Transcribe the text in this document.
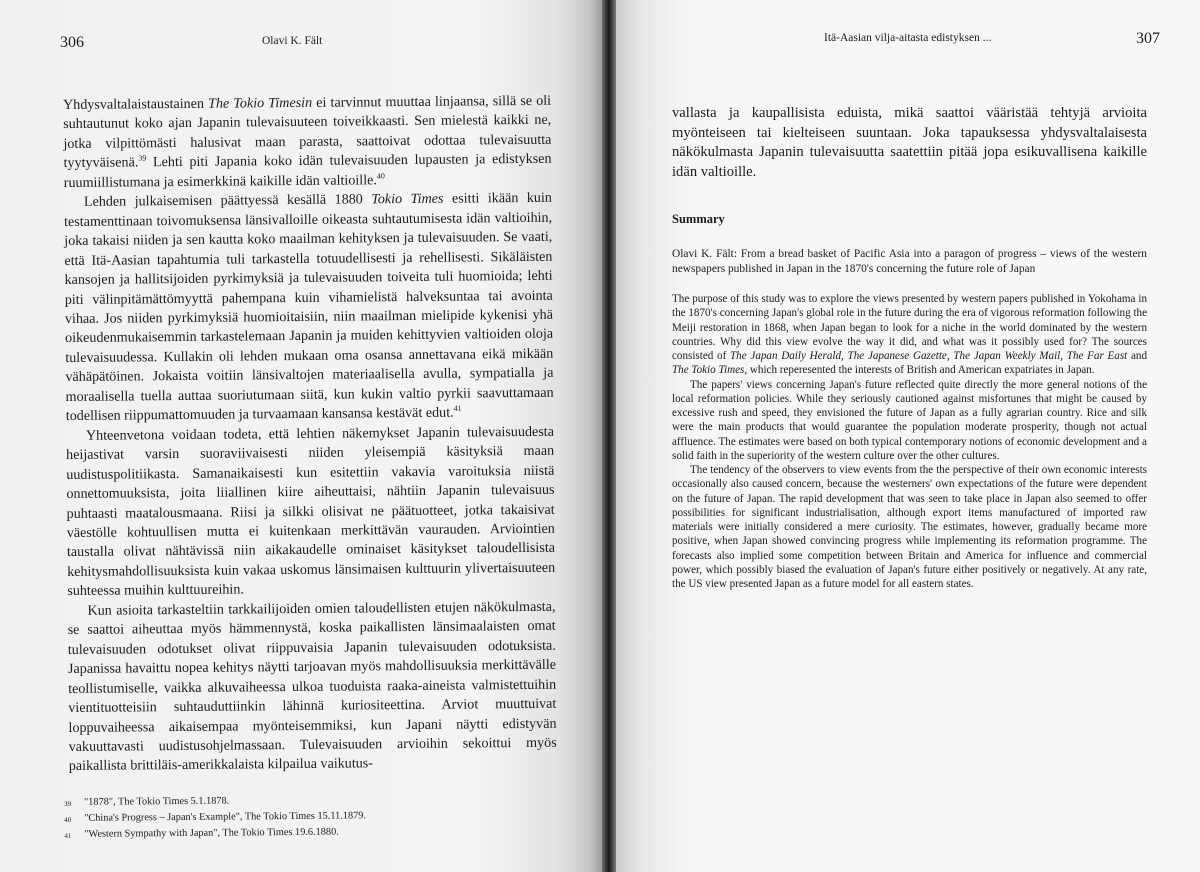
306	Olavi K. Fält

Yhdysvaltalaistaustainen The Tokio Timesin ei tarvinnut muuttaa linjaansa, sillä se oli suhtautunut koko ajan Japanin tulevaisuuteen toiveikkaasti. Sen mielestä kaikki ne, jotka vilpittömästi halusivat maan parasta, saattoivat odottaa tulevaisuutta tyytyväisenä.$^{39}$ Lehti piti Japania koko idän tulevaisuuden lupausten ja edistyksen ruumiillistumana ja esimerkkinä kaikille idän valtioille.$^{40}$

Lehden julkaisemisen päättyessä kesällä 1880 Tokio Times esitti ikään kuin testamenttinaan toivomuksensa länsivalloille oikeasta suhtautumisesta idän valtioihin, joka takaisi niiden ja sen kautta koko maailman kehityksen ja tulevaisuuden. Se vaati, että Itä-Aasian tapahtumia tuli tarkastella totuudellisesti ja rehellisesti. Sikäläisten kansojen ja hallitsijoiden pyrkimyksiä ja tulevaisuuden toiveita tuli huomioida; lehti piti välinpitämättömyyttä pahempana kuin vihamielistä halveksuntaa tai avointa vihaa. Jos niiden pyrkimyksiä huomioitaisiin, niin maailman mielipide kykenisi yhä oikeudenmukaisemmin tarkastelemaan Japanin ja muiden kehittyvien valtioiden oloja tulevaisuudessa. Kullakin oli lehden mukaan oma osansa annettavana eikä mikään vähäpätöinen. Jokaista voitiin länsivaltojen materiaalisella avulla, sympatialla ja moraalisella tuella auttaa suoriutumaan siitä, kun kukin valtio pyrkii saavuttamaan todellisen riippumattomuuden ja turvaamaan kansansa kestävät edut.$^{41}$

Yhteenvetona voidaan todeta, että lehtien näkemykset Japanin tulevaisuudesta heijastivat varsin suoraviivaisesti niiden yleisempiä käsityksiä maan uudistuspolitiikasta. Samanaikaisesti kun esitettiin vakavia varoituksia niistä onnettomuuksista, joita liiallinen kiire aiheuttaisi, nähtiin Japanin tulevaisuus puhtaasti maatalousmaana. Riisi ja silkki olisivat ne päätuotteet, jotka takaisivat väestölle kohtuullisen mutta ei kuitenkaan merkittävän vaurauden. Arviointien taustalla olivat nähtävissä niin aikakaudelle ominaiset käsitykset taloudellisista kehitysmahdollisuuksista kuin vakaa uskomus länsimaisen kulttuurin ylivertaisuuteen suhteessa muihin kulttuureihin.

Kun asioita tarkasteltiin tarkkailijoiden omien taloudellisten etujen näkökulmasta, se saattoi aiheuttaa myös hämmennystä, koska paikallisten länsimaalaisten omat tulevaisuuden odotukset olivat riippuvaisia Japanin tulevaisuuden odotuksista. Japanissa havaittu nopea kehitys näytti tarjoavan myös mahdollisuuksia merkittävälle teollistumiselle, vaikka alkuvaiheessa ulkoa tuoduista raaka-aineista valmistettuihin vientituotteisiin suhtauduttiinkin lähinnä kuriositeettina. Arviot muuttuivat loppuvaiheessa aikaisempaa myönteisemmiksi, kun Japani näytti edistyvän vakuuttavasti uudistusohjelmassaan. Tulevaisuuden arvioihin sekoittui myös paikallista brittiläis-amerikkalaista kilpailua vaikutus-

39	"1878", The Tokio Times 5.1.1878.
40	"China's Progress – Japan's Example", The Tokio Times 15.11.1879.
41	"Western Sympathy with Japan", The Tokio Times 19.6.1880.
Itä-Aasian vilja-aitasta edistyksen ...	307

vallasta ja kaupallisista eduista, mikä saattoi vääristää tehtyjä arvioita myönteiseen tai kielteiseen suuntaan. Joka tapauksessa yhdysvaltalaisesta näkökulmasta Japanin tulevaisuutta saatettiin pitää jopa esikuvallisena kaikille idän valtioille.

Summary
Olavi K. Fält: From a bread basket of Pacific Asia into a paragon of progress – views of the western newspapers published in Japan in the 1870's concerning the future role of Japan

The purpose of this study was to explore the views presented by western papers published in Yokohama in the 1870's concerning Japan's global role in the future during the era of vigorous reformation following the Meiji restoration in 1868, when Japan began to look for a niche in the world dominated by the western countries. Why did this view evolve the way it did, and what was it possibly used for? The sources consisted of The Japan Daily Herald, The Japanese Gazette, The Japan Weekly Mail, The Far East and The Tokio Times, which reperesented the interests of British and American expatriates in Japan.

The papers' views concerning Japan's future reflected quite directly the more general notions of the local reformation policies. While they seriously cautioned against misfortunes that might be caused by excessive rush and speed, they envisioned the future of Japan as a fully agrarian country. Rice and silk were the main products that would guarantee the population moderate prosperity, though not actual affluence. The estimates were based on both typical contemporary notions of economic development and a solid faith in the superiority of the western culture over the other cultures.

The tendency of the observers to view events from the the perspective of their own economic interests occasionally also caused concern, because the westerners' own expectations of the future were dependent on the future of Japan. The rapid development that was seen to take place in Japan also seemed to offer possibilities for significant industrialisation, although export items manufactured of imported raw materials were initially considered a mere curiosity. The estimates, however, gradually became more positive, when Japan showed convincing progress while implementing its reformation programme. The forecasts also implied some competition between Britain and America for influence and commercial power, which possibly biased the evaluation of Japan's future either positively or negatively. At any rate, the US view presented Japan as a future model for all eastern states.
